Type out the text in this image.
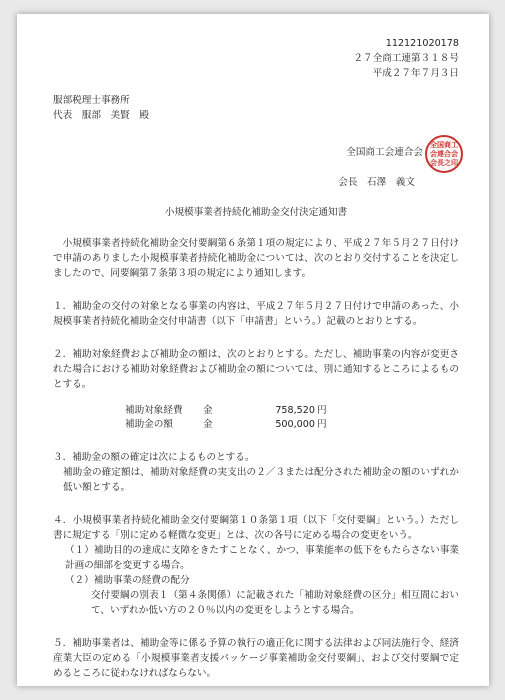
112121020178
２７全商工連第３１８号
平成２７年７月３日
服部税理士事務所
代表　服部　美賢　殿
全国商工会連合会
会長　石澤　義文
全国商工会連合会会長之印
小規模事業者持続化補助金交付決定通知書
小規模事業者持続化補助金交付要綱第６条第１項の規定により、平成２７年５月２７日付けで申請のありました小規模事業者持続化補助金については、次のとおり交付することを決定しましたので、同要綱第７条第３項の規定により通知します。
１．補助金の交付の対象となる事業の内容は、平成２７年５月２７日付けで申請のあった、小規模事業者持続化補助金交付申請書（以下「申請書」という。）記載のとおりとする。
２．補助対象経費および補助金の額は、次のとおりとする。ただし、補助事業の内容が変更された場合における補助対象経費および補助金の額については、別に通知するところによるものとする。
補助対象経費	金	758,520 円
補助金の額	金	500,000 円
３．補助金の額の確定は次によるものとする。
補助金の確定額は、補助対象経費の実支出の２／３または配分された補助金の額のいずれか低い額とする。
４．小規模事業者持続化補助金交付要綱第１０条第１項（以下「交付要綱」という。）ただし書に規定する「別に定める軽微な変更」とは、次の各号に定める場合の変更をいう。
（１）補助目的の達成に支障をきたすことなく、かつ、事業能率の低下をもたらさない事業計画の細部を変更する場合。
（２）補助事業の経費の配分
交付要綱の別表１（第４条関係）に記載された「補助対象経費の区分」相互間において、いずれか低い方の２０％以内の変更をしようとする場合。
５．補助事業者は、補助金等に係る予算の執行の適正化に関する法律および同法施行令、経済産業大臣の定める「小規模事業者支援パッケージ事業補助金交付要綱」、および交付要綱で定めるところに従わなければならない。
